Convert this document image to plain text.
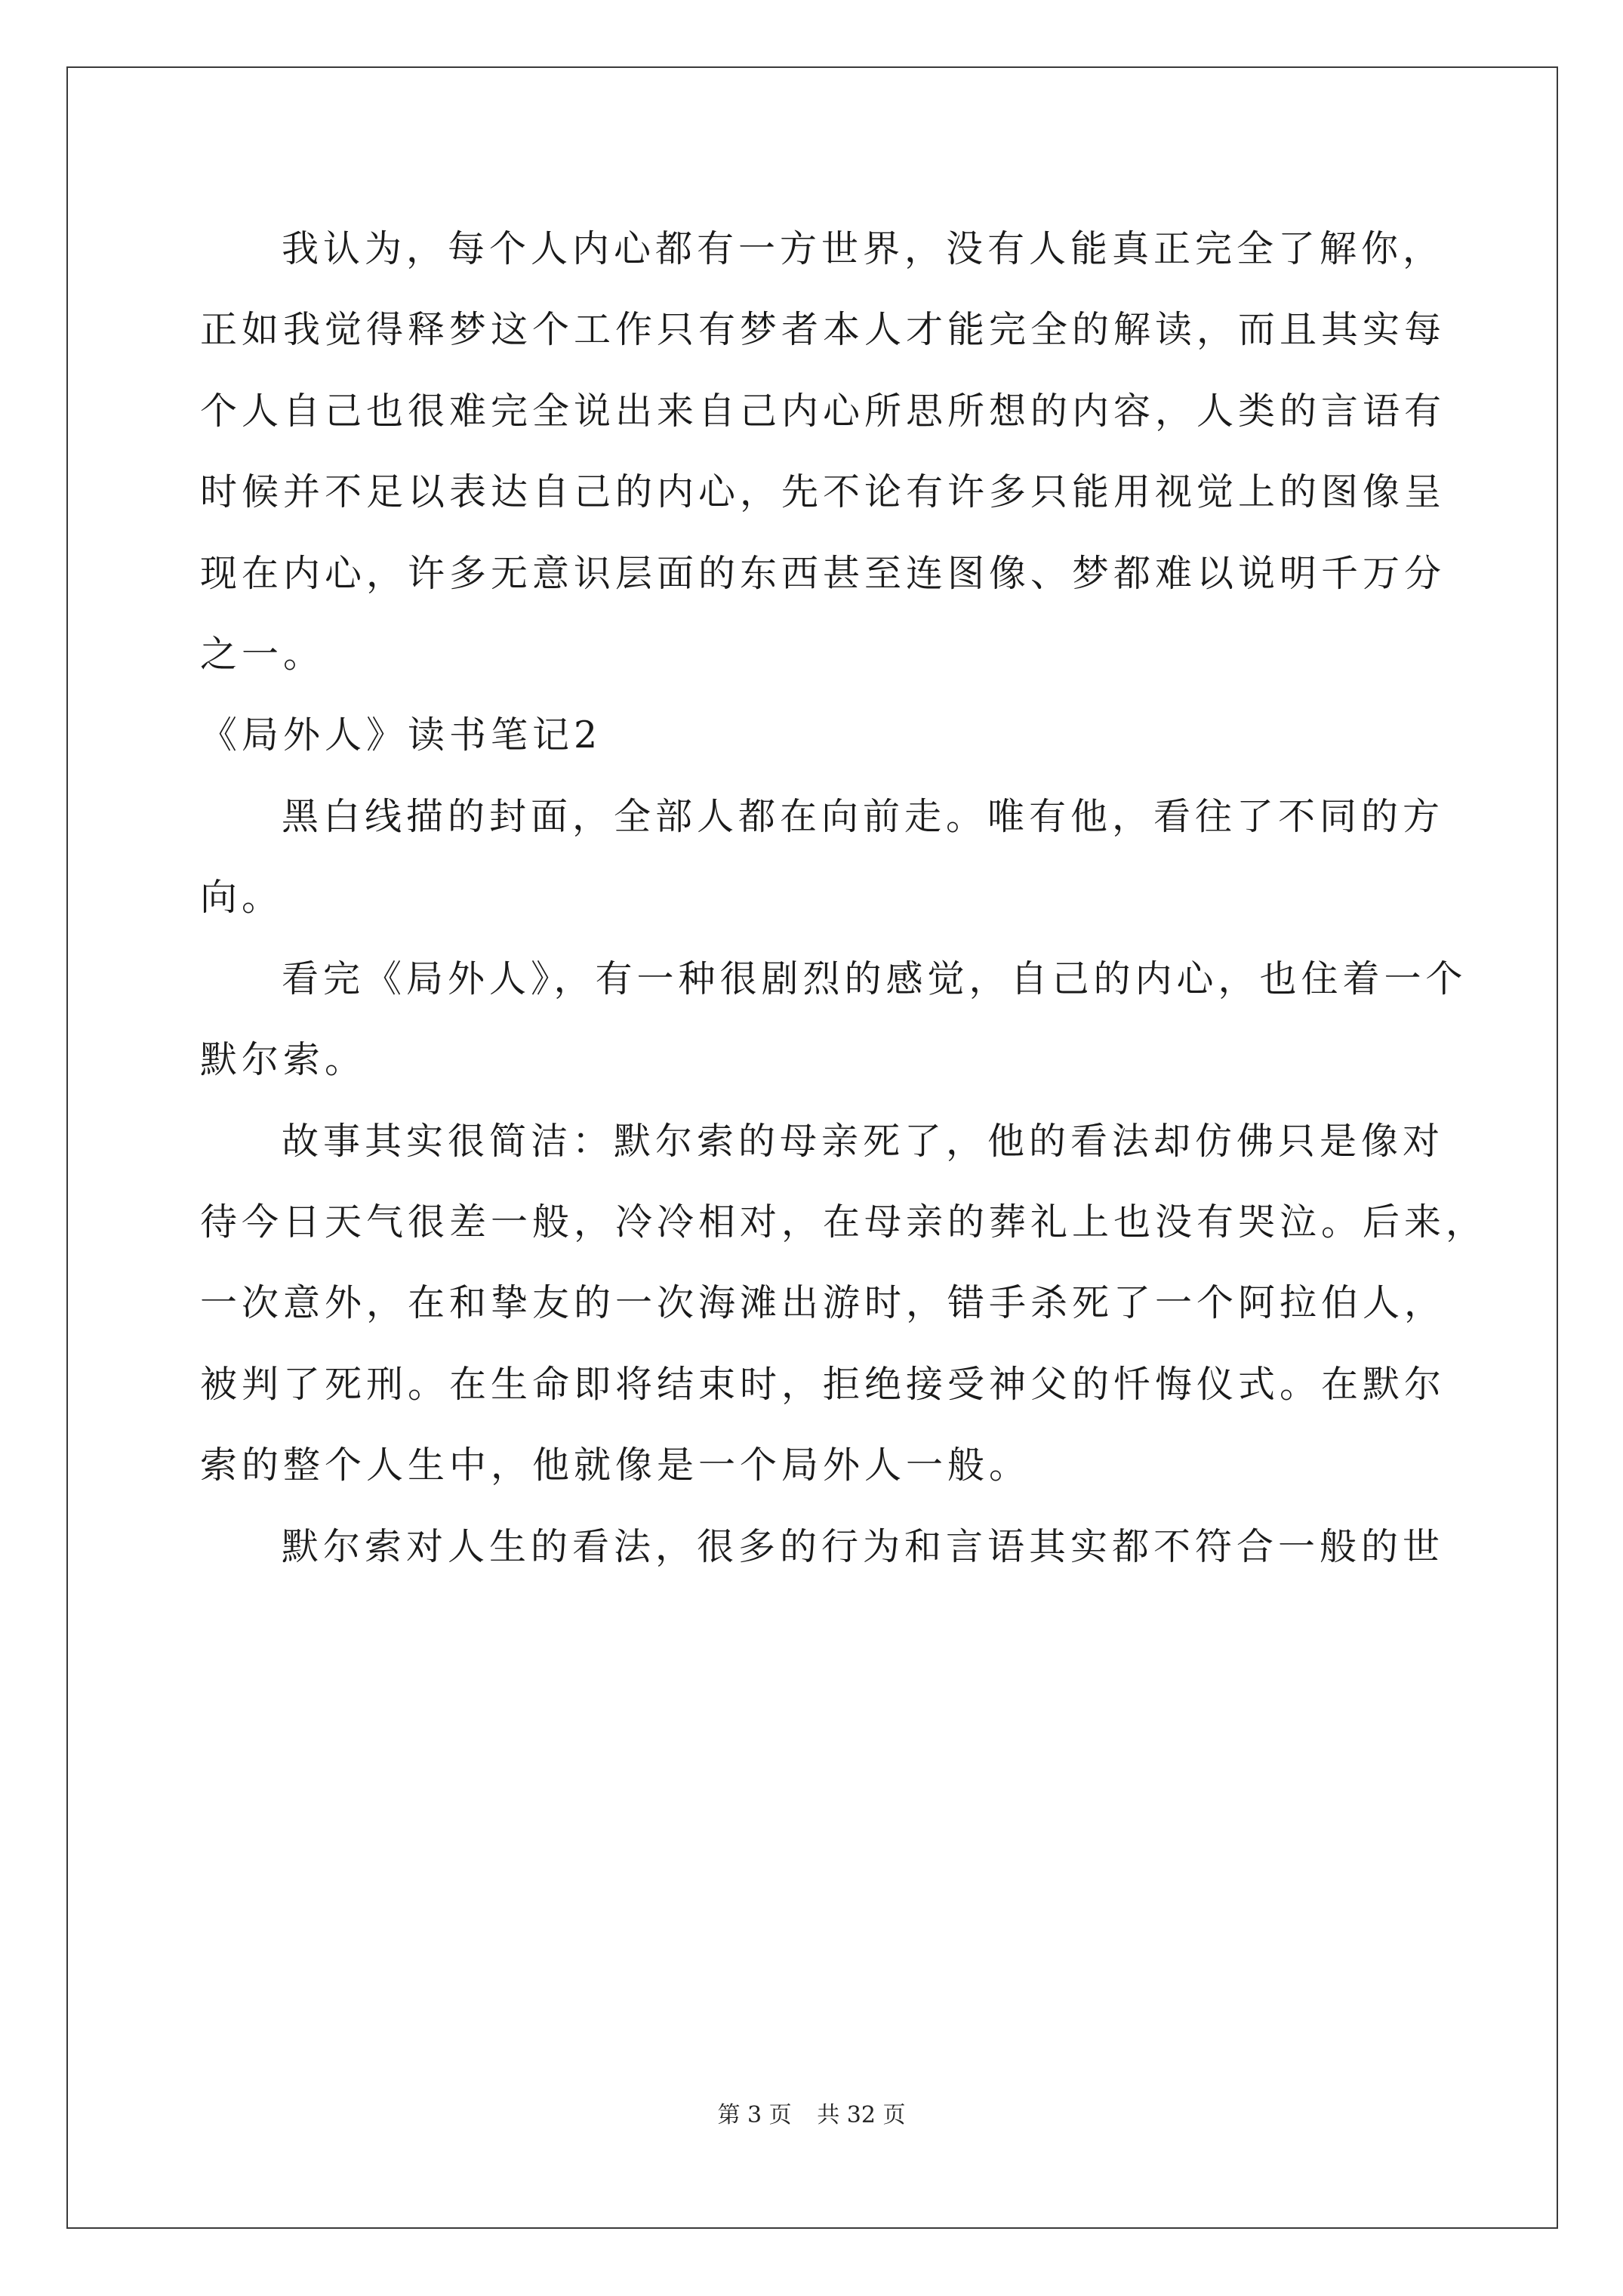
我认为，每个人内心都有一方世界，没有人能真正完全了解你，
正如我觉得释梦这个工作只有梦者本人才能完全的解读，而且其实每
个人自己也很难完全说出来自己内心所思所想的内容，人类的言语有
时候并不足以表达自己的内心，先不论有许多只能用视觉上的图像呈
现在内心，许多无意识层面的东西甚至连图像、梦都难以说明千万分
之一。
《局外人》读书笔记2
黑白线描的封面，全部人都在向前走。唯有他，看往了不同的方
向。
看完《局外人》，有一种很剧烈的感觉，自己的内心，也住着一个
默尔索。
故事其实很简洁：默尔索的母亲死了，他的看法却仿佛只是像对
待今日天气很差一般，冷冷相对，在母亲的葬礼上也没有哭泣。后来，
一次意外，在和挚友的一次海滩出游时，错手杀死了一个阿拉伯人，
被判了死刑。在生命即将结束时，拒绝接受神父的忏悔仪式。在默尔
索的整个人生中，他就像是一个局外人一般。
默尔索对人生的看法，很多的行为和言语其实都不符合一般的世
第 3 页 共 32 页
